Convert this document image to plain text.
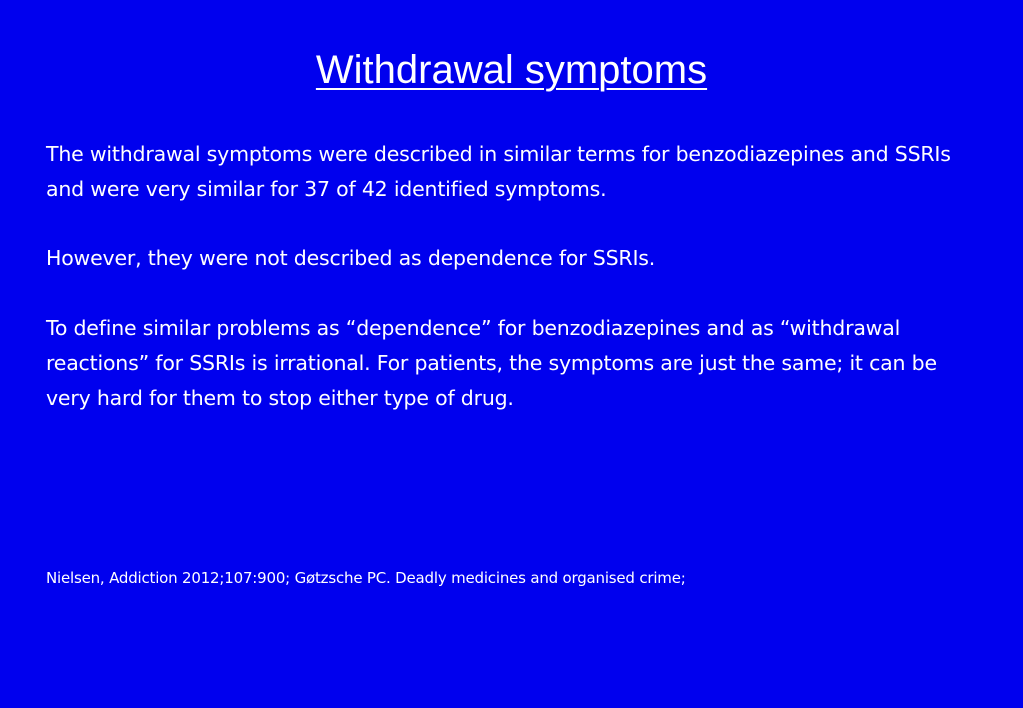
Withdrawal symptoms

The withdrawal symptoms were described in similar terms for benzodiazepines and SSRIs and were very similar for 37 of 42 identified symptoms.

However, they were not described as dependence for SSRIs.

To define similar problems as “dependence” for benzodiazepines and as “withdrawal reactions” for SSRIs is irrational. For patients, the symptoms are just the same; it can be very hard for them to stop either type of drug.

Nielsen, Addiction 2012;107:900; Gøtzsche PC. Deadly medicines and organised crime;
